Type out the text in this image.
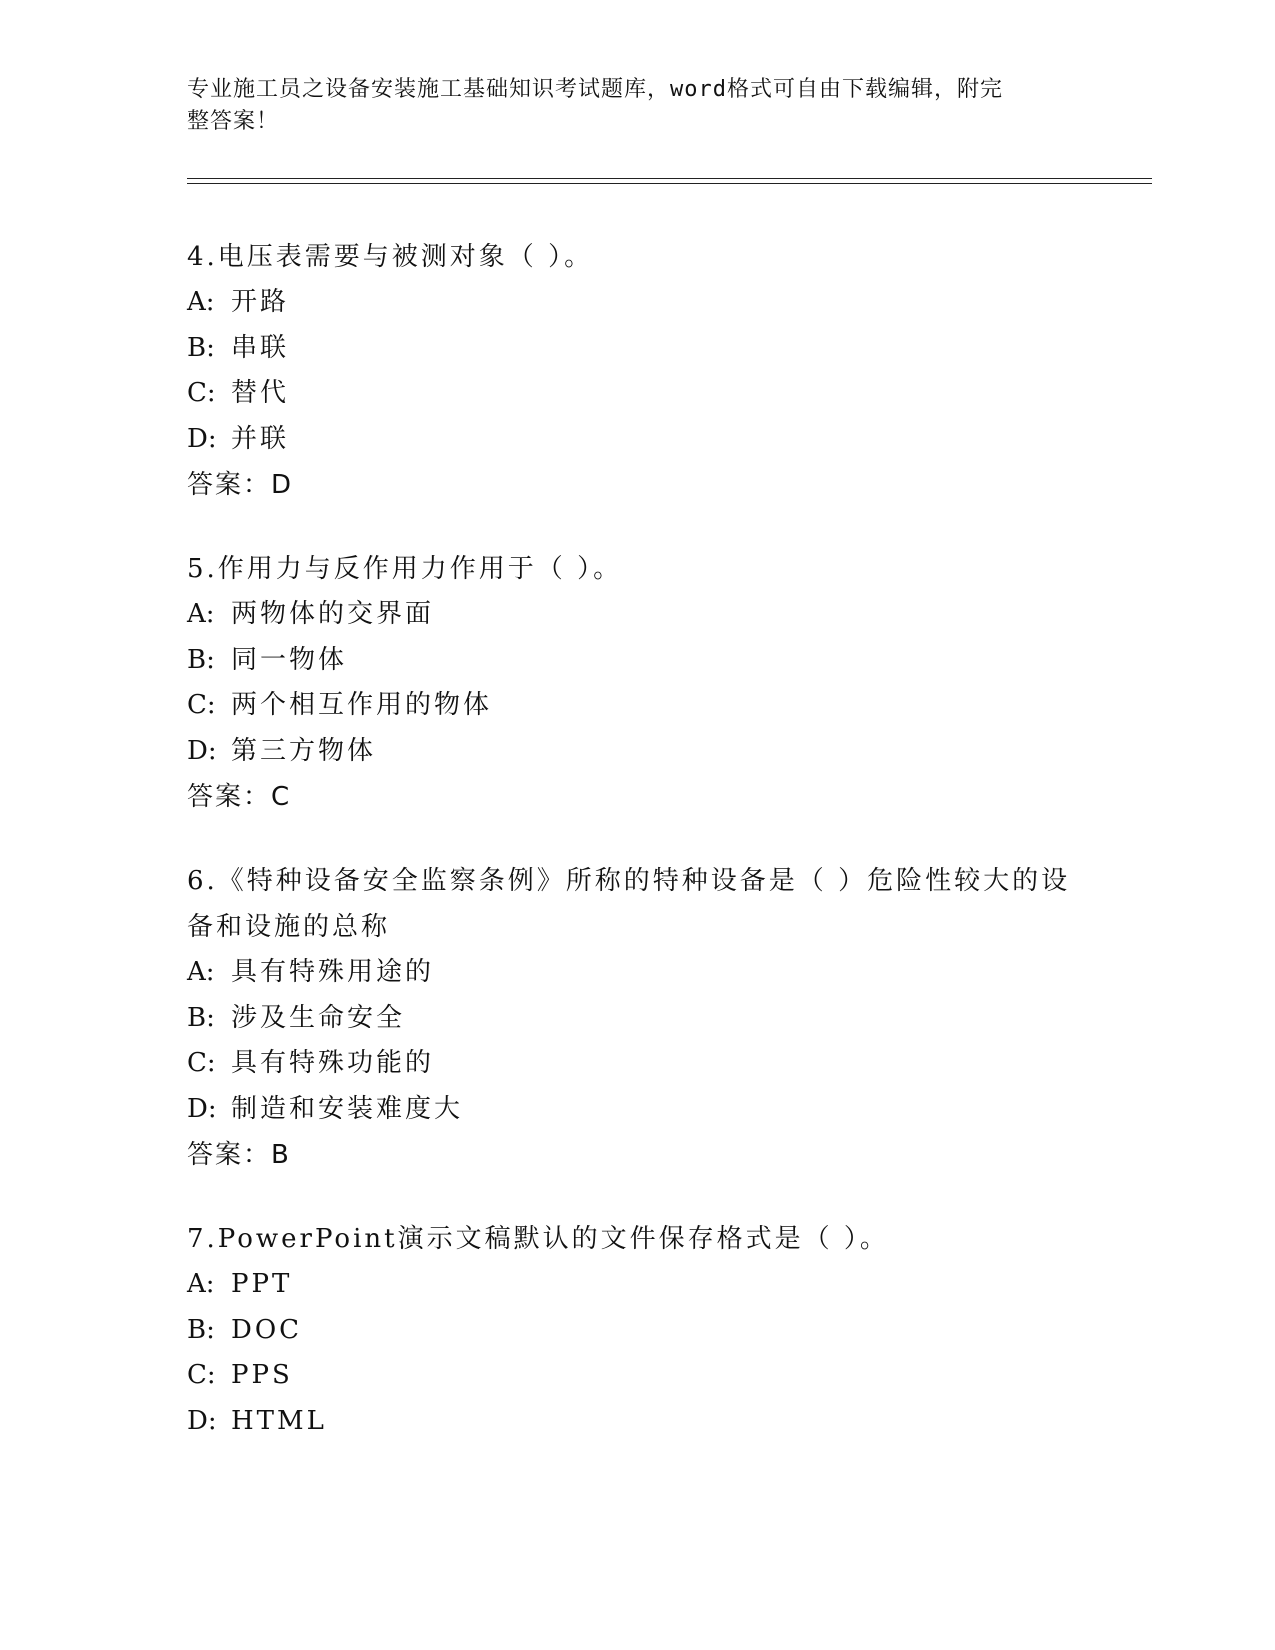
专业施工员之设备安装施工基础知识考试题库，word格式可自由下载编辑，附完
整答案！
4.电压表需要与被测对象（ ）。
A: 开路
B: 串联
C: 替代
D: 并联
答案：D
5.作用力与反作用力作用于（ ）。
A: 两物体的交界面
B: 同一物体
C: 两个相互作用的物体
D: 第三方物体
答案：C
6.《特种设备安全监察条例》所称的特种设备是（ ）危险性较大的设备和设施的总称
A: 具有特殊用途的
B: 涉及生命安全
C: 具有特殊功能的
D: 制造和安装难度大
答案：B
7.PowerPoint演示文稿默认的文件保存格式是（ ）。
A: PPT
B: DOC
C: PPS
D: HTML
